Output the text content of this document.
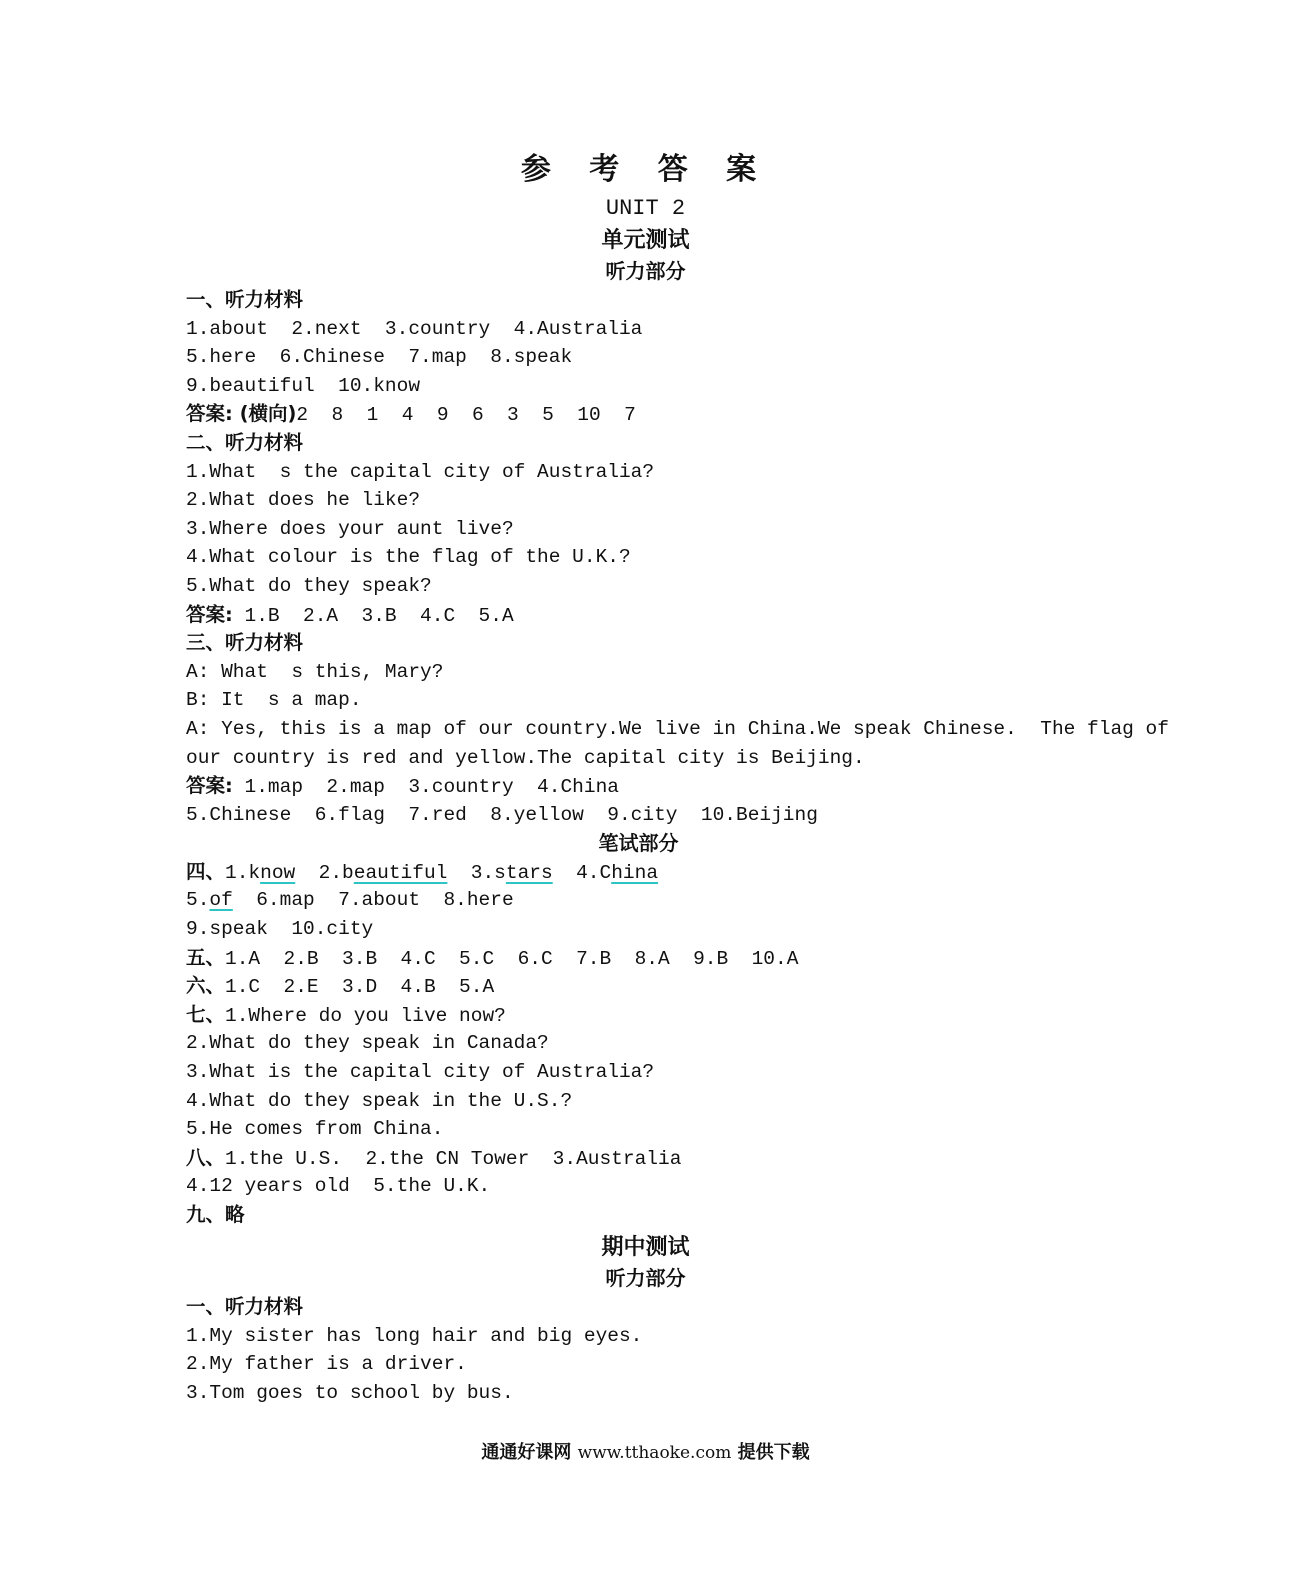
参 考 答 案
UNIT 2
单元测试
听力部分
一、听力材料
1.about  2.next  3.country  4.Australia
5.here  6.Chinese  7.map  8.speak
9.beautiful  10.know
答案: (横向)2  8  1  4  9  6  3  5  10  7
二、听力材料
1.What  s the capital city of Australia?
2.What does he like?
3.Where does your aunt live?
4.What colour is the flag of the U.K.?
5.What do they speak?
答案: 1.B  2.A  3.B  4.C  5.A
三、听力材料
A: What  s this, Mary?
B: It  s a map.
A: Yes, this is a map of our country.We live in China.We speak Chinese.  The flag of
our country is red and yellow.The capital city is Beijing.
答案: 1.map  2.map  3.country  4.China
5.Chinese  6.flag  7.red  8.yellow  9.city  10.Beijing
笔试部分
四、1.know  2.beautiful  3.stars  4.China
5.of  6.map  7.about  8.here
9.speak  10.city
五、1.A  2.B  3.B  4.C  5.C  6.C  7.B  8.A  9.B  10.A
六、1.C  2.E  3.D  4.B  5.A
七、1.Where do you live now?
2.What do they speak in Canada?
3.What is the capital city of Australia?
4.What do they speak in the U.S.?
5.He comes from China.
八、1.the U.S.  2.the CN Tower  3.Australia
4.12 years old  5.the U.K.
九、略
期中测试
听力部分
一、听力材料
1.My sister has long hair and big eyes.
2.My father is a driver.
3.Tom goes to school by bus.
通通好课网 www.tthaoke.com 提供下载
